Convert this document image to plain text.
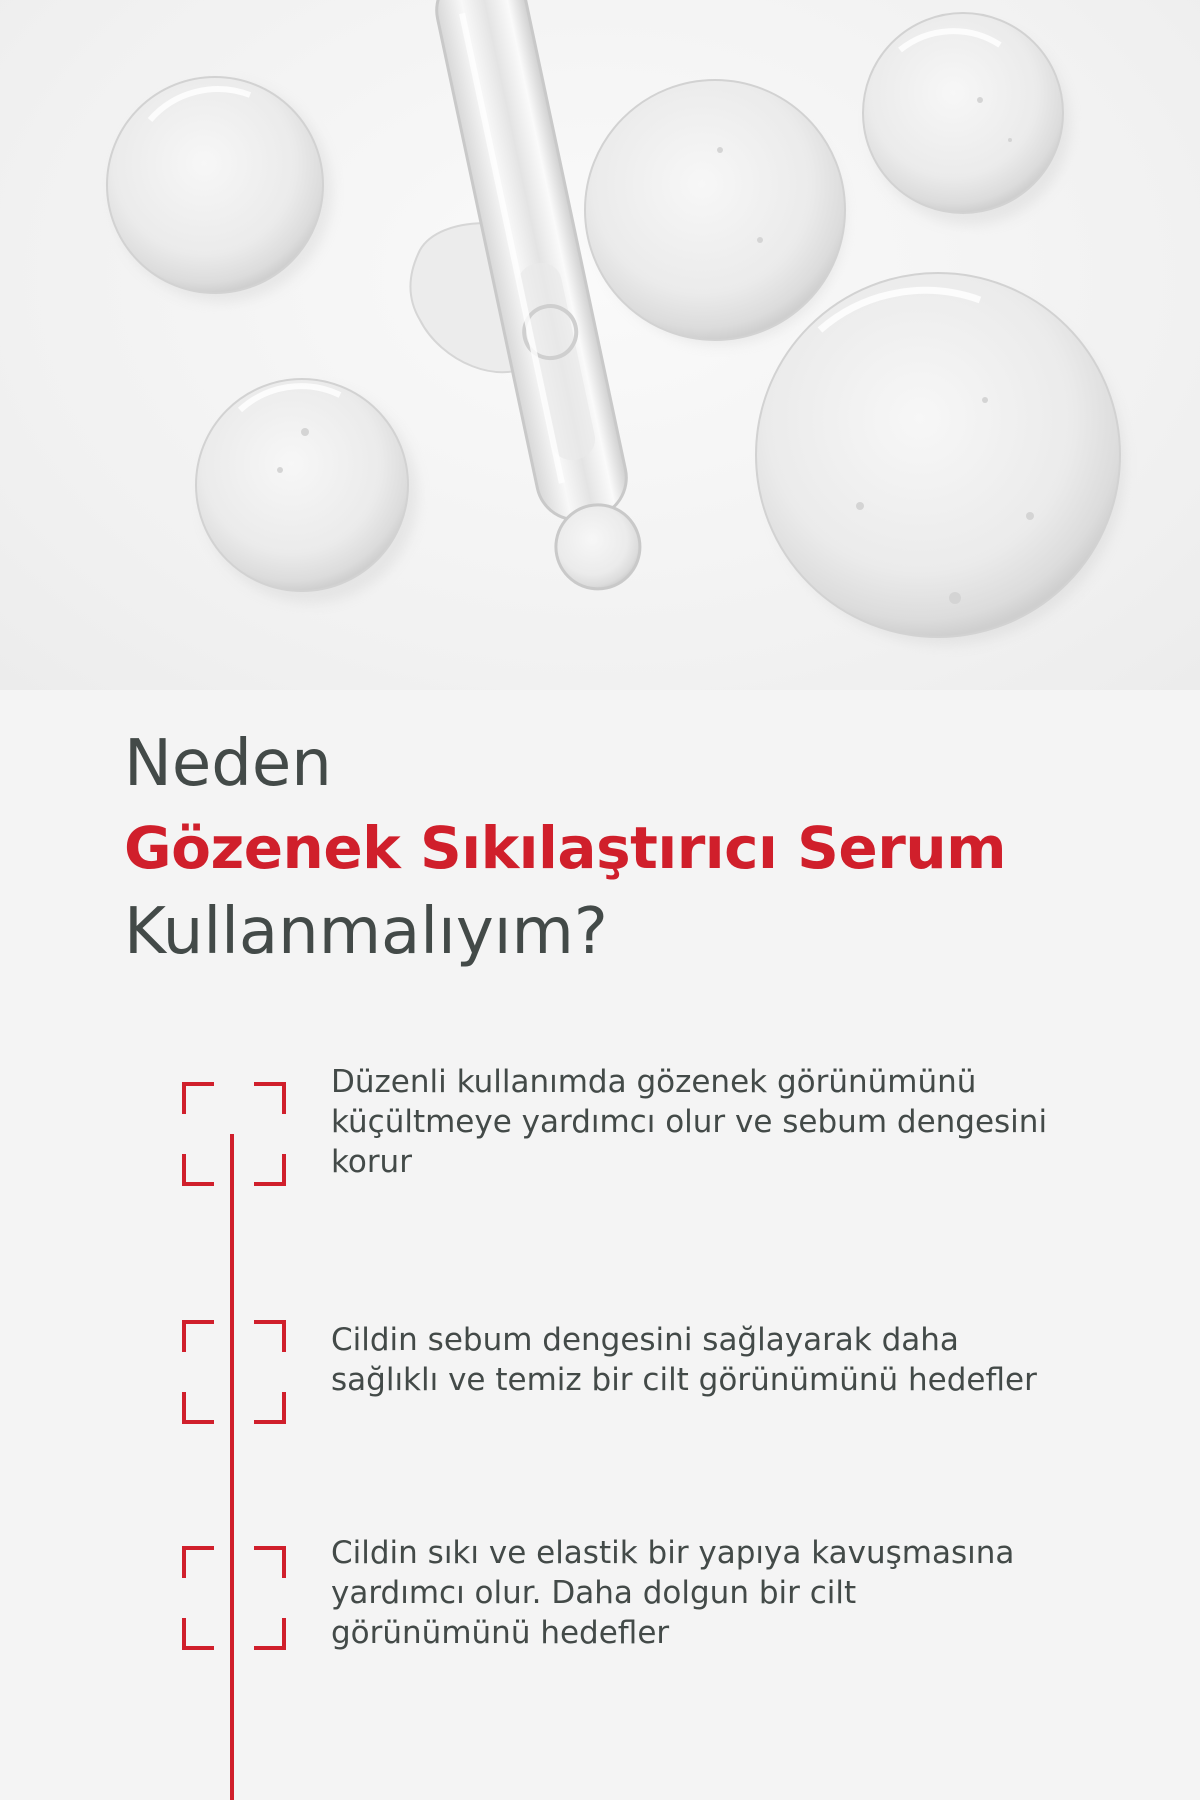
Neden
Gözenek Sıkılaştırıcı Serum
Kullanmalıyım?
Düzenli kullanımda gözenek görünümünü küçültmeye yardımcı olur ve sebum dengesini korur
Cildin sebum dengesini sağlayarak daha sağlıklı ve temiz bir cilt görünümünü hedefler
Cildin sıkı ve elastik bir yapıya kavuşmasına yardımcı olur. Daha dolgun bir cilt görünümünü hedefler
